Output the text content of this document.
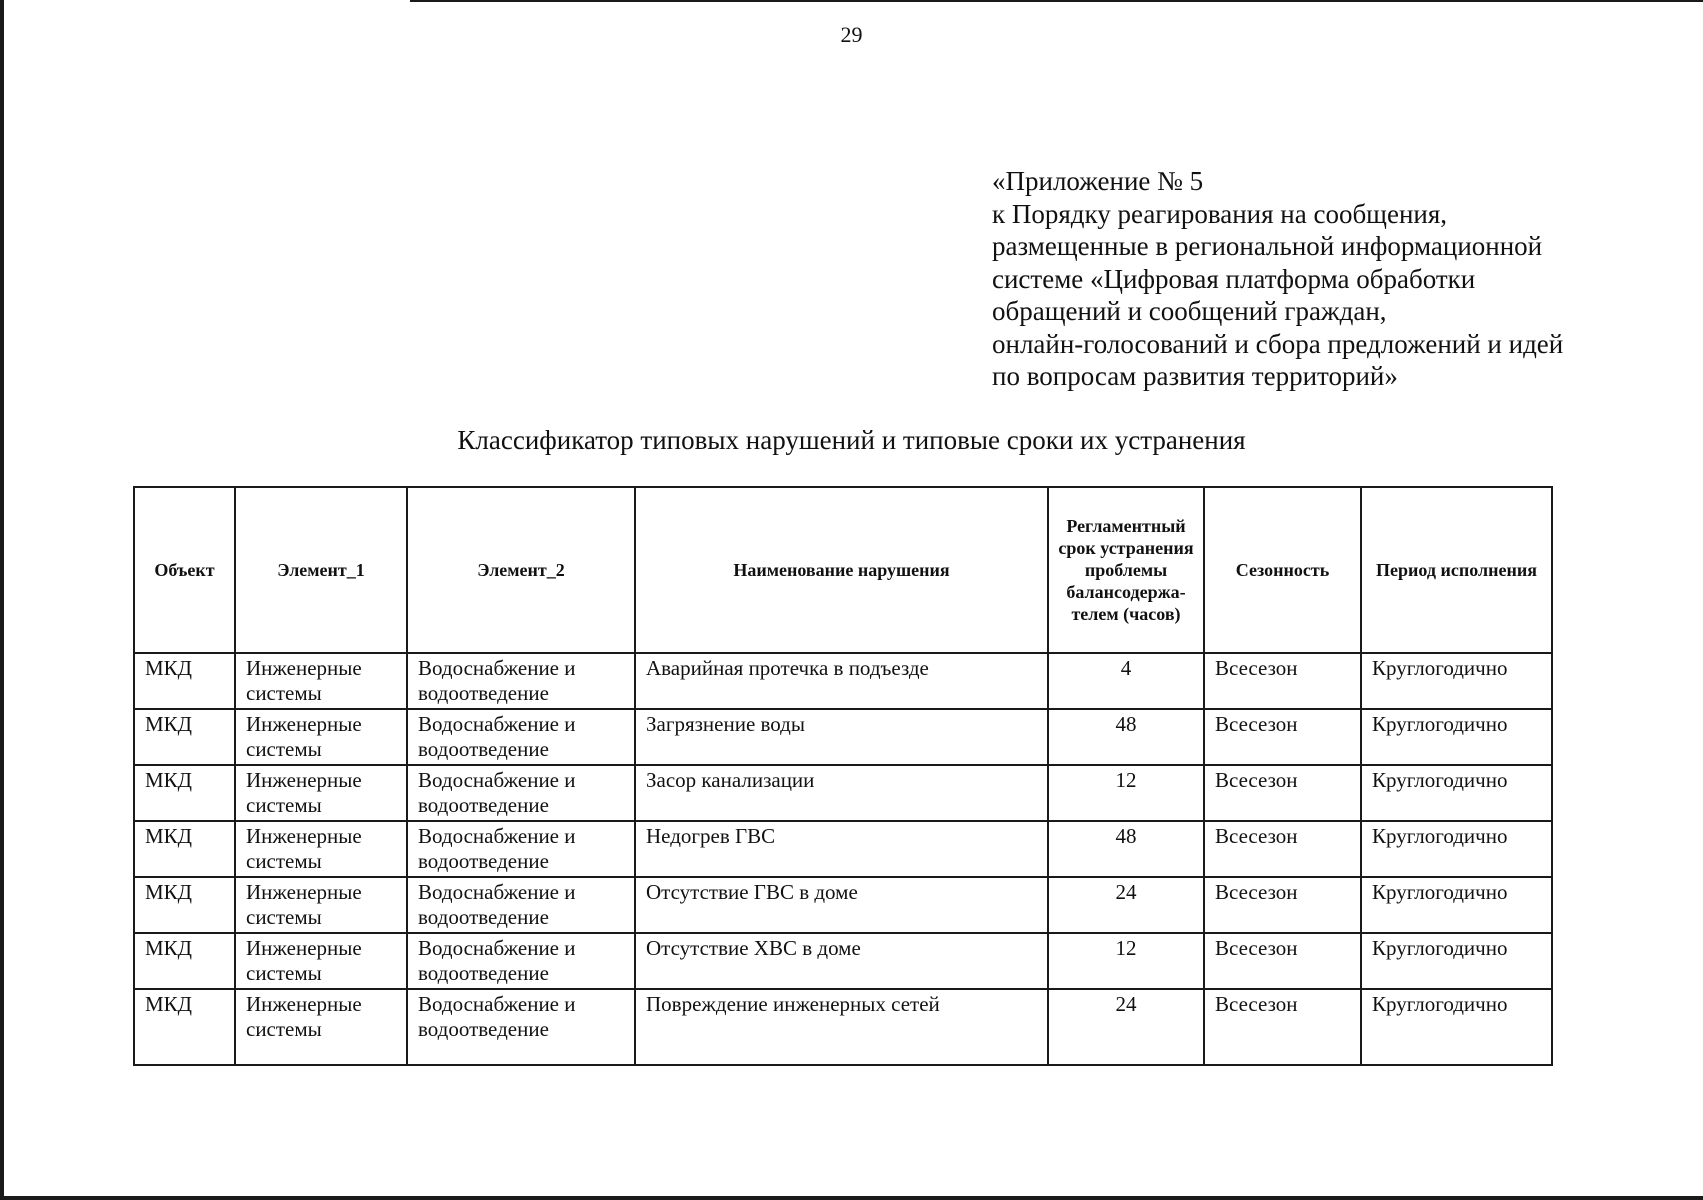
29
«Приложение № 5
к Порядку реагирования на сообщения,
размещенные в региональной информационной
системе «Цифровая платформа обработки
обращений и сообщений граждан,
онлайн-голосований и сбора предложений и идей
по вопросам развития территорий»
Классификатор типовых нарушений и типовые сроки их устранения
Объект	Элемент_1	Элемент_2	Наименование нарушения	Регламентный срок устранения проблемы балансодержа-телем (часов)	Сезонность	Период исполнения
МКД	Инженерные системы	Водоснабжение и водоотведение	Аварийная протечка в подъезде	4	Всесезон	Круглогодично
МКД	Инженерные системы	Водоснабжение и водоотведение	Загрязнение воды	48	Всесезон	Круглогодично
МКД	Инженерные системы	Водоснабжение и водоотведение	Засор канализации	12	Всесезон	Круглогодично
МКД	Инженерные системы	Водоснабжение и водоотведение	Недогрев ГВС	48	Всесезон	Круглогодично
МКД	Инженерные системы	Водоснабжение и водоотведение	Отсутствие ГВС в доме	24	Всесезон	Круглогодично
МКД	Инженерные системы	Водоснабжение и водоотведение	Отсутствие ХВС в доме	12	Всесезон	Круглогодично
МКД	Инженерные системы	Водоснабжение и водоотведение	Повреждение инженерных сетей	24	Всесезон	Круглогодично
